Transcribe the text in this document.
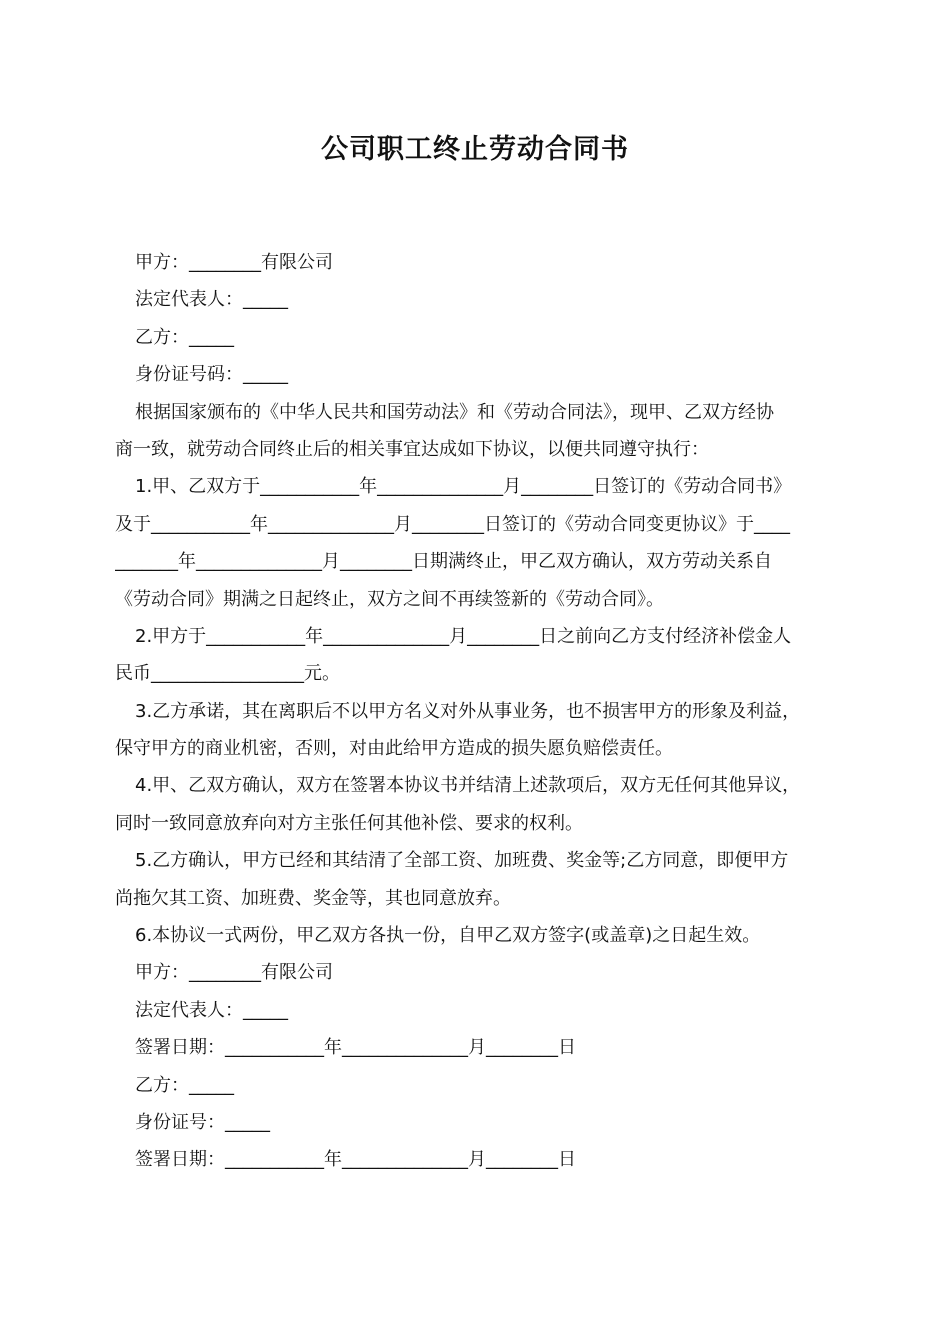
公司职工终止劳动合同书
甲方：________有限公司
法定代表人：_____
乙方：_____
身份证号码：_____
根据国家颁布的《中华人民共和国劳动法》和《劳动合同法》，现甲、乙双方经协
商一致，就劳动合同终止后的相关事宜达成如下协议，以便共同遵守执行：
1.甲、乙双方于___________年______________月________日签订的《劳动合同书》
及于___________年______________月________日签订的《劳动合同变更协议》于____
_______年______________月________日期满终止，甲乙双方确认，双方劳动关系自
《劳动合同》期满之日起终止，双方之间不再续签新的《劳动合同》。
2.甲方于___________年______________月________日之前向乙方支付经济补偿金人
民币_________________元。
3.乙方承诺，其在离职后不以甲方名义对外从事业务，也不损害甲方的形象及利益，
保守甲方的商业机密，否则，对由此给甲方造成的损失愿负赔偿责任。
4.甲、乙双方确认，双方在签署本协议书并结清上述款项后，双方无任何其他异议，
同时一致同意放弃向对方主张任何其他补偿、要求的权利。
5.乙方确认，甲方已经和其结清了全部工资、加班费、奖金等;乙方同意，即便甲方
尚拖欠其工资、加班费、奖金等，其也同意放弃。
6.本协议一式两份，甲乙双方各执一份，自甲乙双方签字(或盖章)之日起生效。
甲方：________有限公司
法定代表人：_____
签署日期：___________年______________月________日
乙方：_____
身份证号：_____
签署日期：___________年______________月________日
